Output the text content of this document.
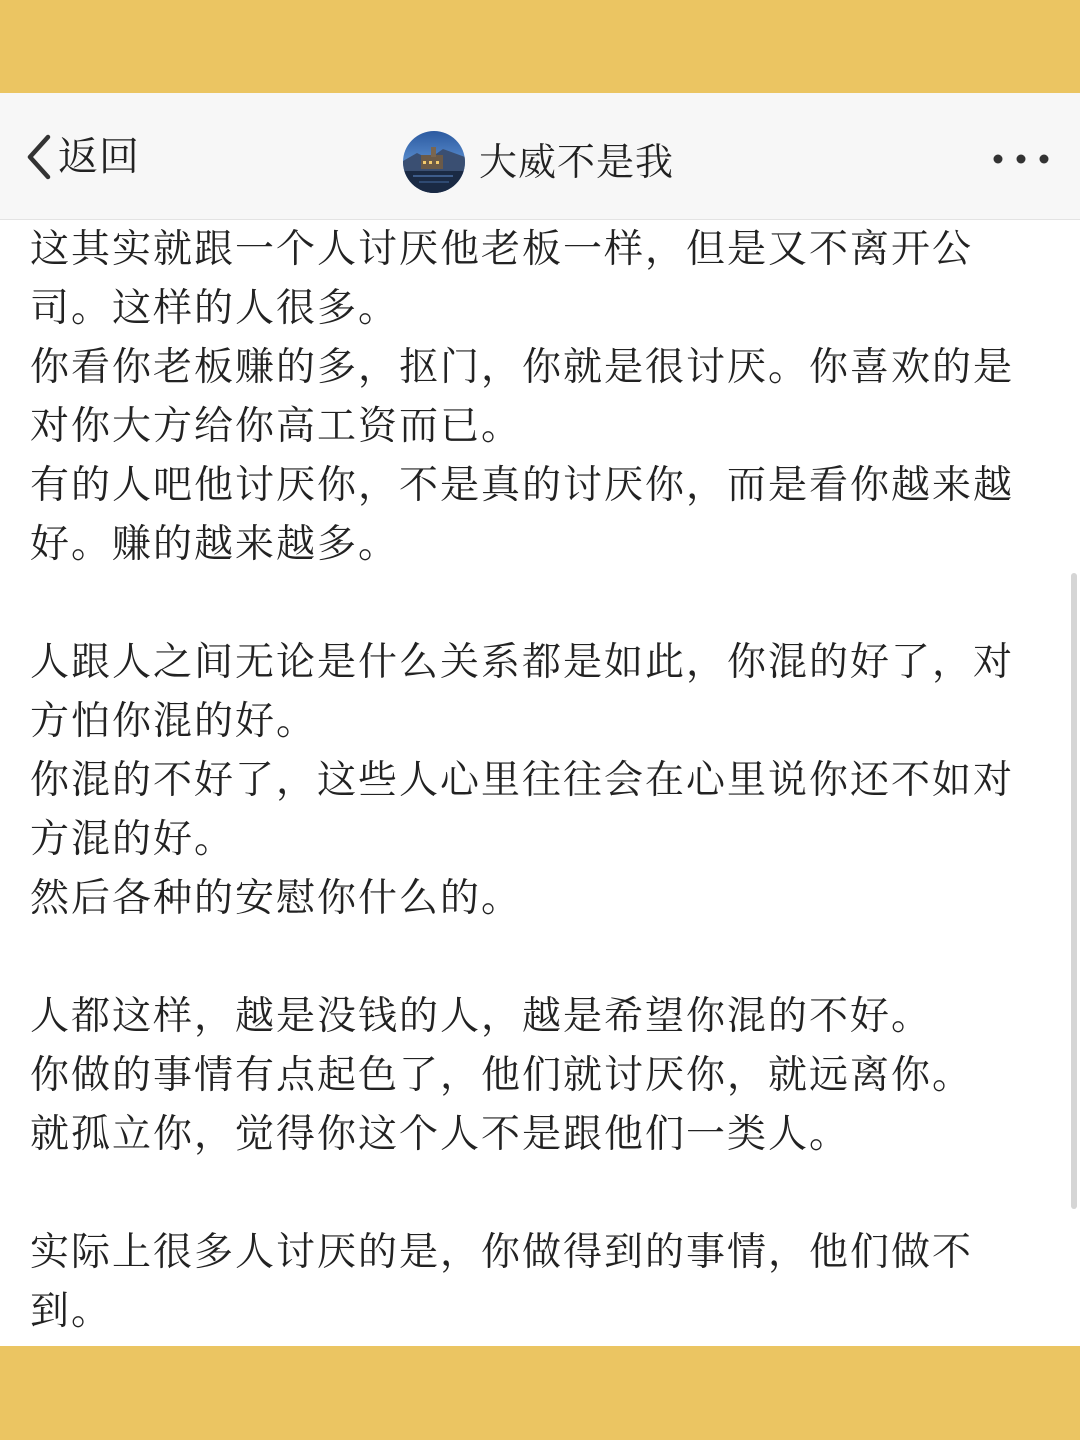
返回	大威不是我

这其实就跟一个人讨厌他老板一样，但是又不离开公司。这样的人很多。

你看你老板赚的多，抠门，你就是很讨厌。你喜欢的是对你大方给你高工资而已。

有的人吧他讨厌你，不是真的讨厌你，而是看你越来越好。赚的越来越多。

人跟人之间无论是什么关系都是如此，你混的好了，对方怕你混的好。

你混的不好了，这些人心里往往会在心里说你还不如对方混的好。

然后各种的安慰你什么的。

人都这样，越是没钱的人，越是希望你混的不好。

你做的事情有点起色了，他们就讨厌你，就远离你。

就孤立你，觉得你这个人不是跟他们一类人。

实际上很多人讨厌的是，你做得到的事情，他们做不到。
